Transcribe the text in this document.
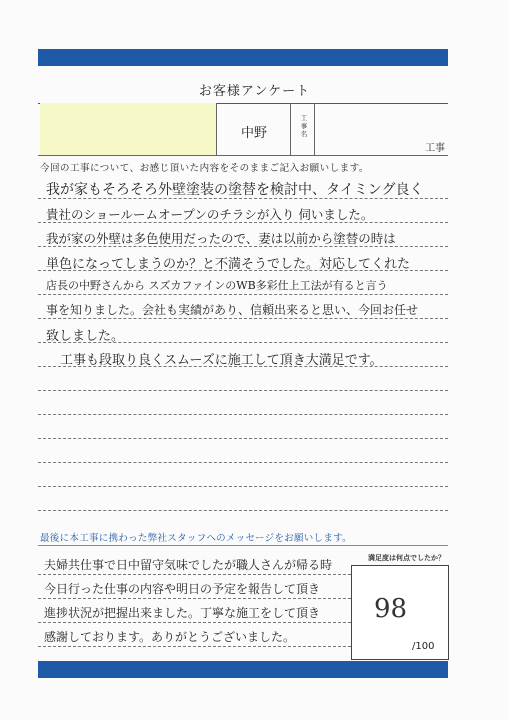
お客様アンケート
中野
工
事
名
工事
今回の工事について、お感じ頂いた内容をそのままご記入お願いします。
我が家もそろそろ外壁塗装の塗替を検討中、タイミング良く
貴社のショールームオープンのチラシが入り 伺いました。
我が家の外壁は多色使用だったので、妻は以前から塗替の時は
単色になってしまうのか？と不満そうでした。対応してくれた
店長の中野さんから スズカファインのWB多彩仕上工法が有ると言う
事を知りました。会社も実績があり、信頼出来ると思い、今回お任せ
致しました。
工事も段取り良くスムーズに施工して頂き大満足です。
最後に本工事に携わった弊社スタッフへのメッセージをお願いします。
満足度は何点でしたか？
夫婦共仕事で日中留守気味でしたが職人さんが帰る時
今日行った仕事の内容や明日の予定を報告して頂き
進捗状況が把握出来ました。丁寧な施工をして頂き
感謝しております。ありがとうございました。
98
/100
